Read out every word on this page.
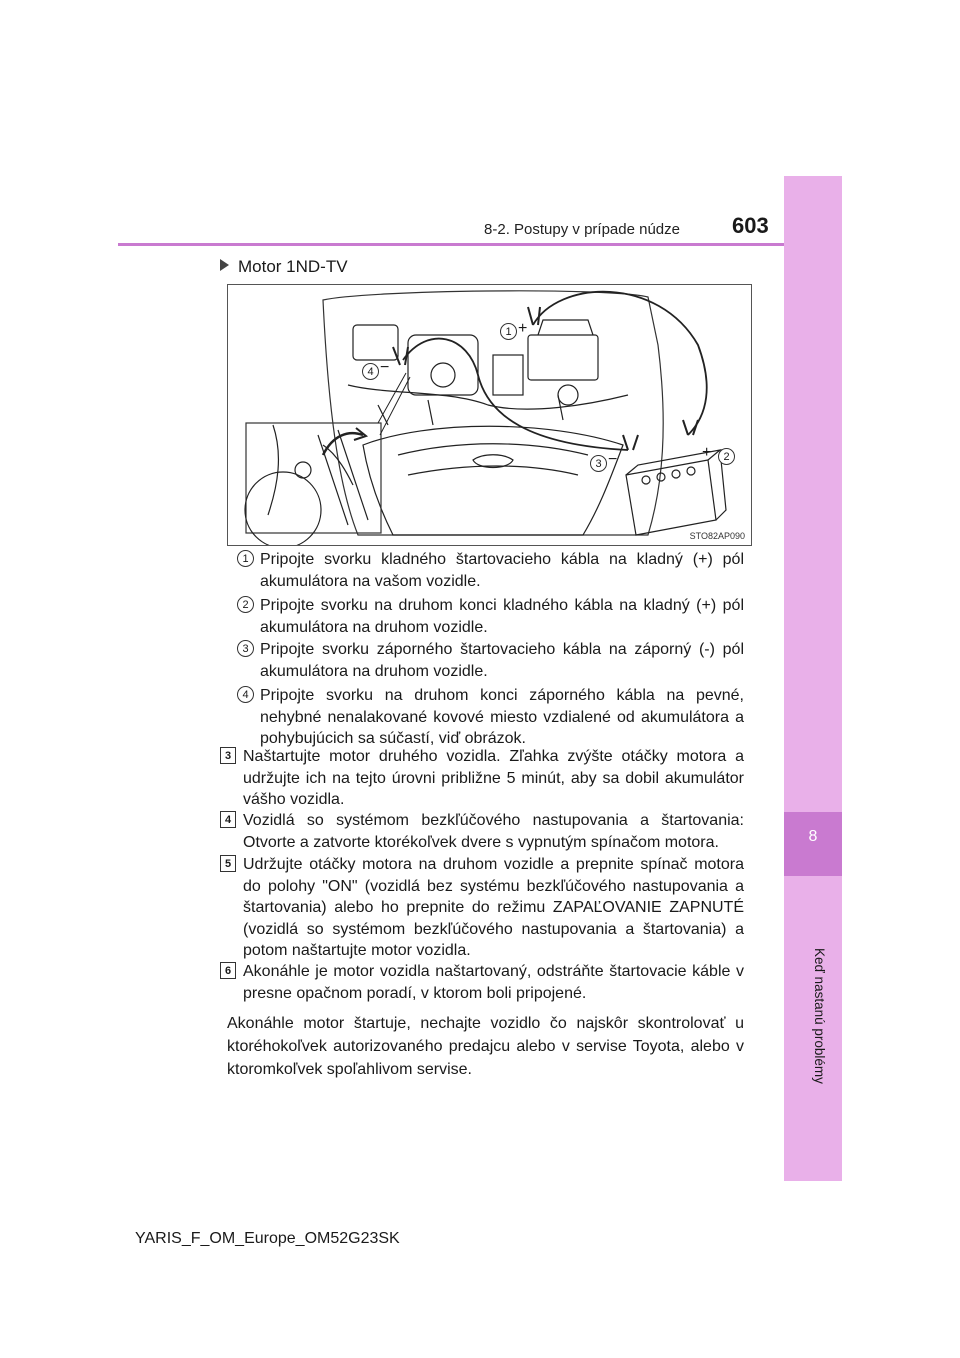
8
Keď nastanú problémy
8-2. Postupy v prípade núdze 603
Motor 1ND-TV
1 +
4 −
2
+
3 −
STO82AP090
1 Pripojte svorku kladného štartovacieho kábla na kladný (+) pól akumulátora na vašom vozidle.
2 Pripojte svorku na druhom konci kladného kábla na kladný (+) pól akumulátora na druhom vozidle.
3 Pripojte svorku záporného štartovacieho kábla na záporný (-) pól akumulátora na druhom vozidle.
4 Pripojte svorku na druhom konci záporného kábla na pevné, nehybné nenalakované kovové miesto vzdialené od akumulátora a pohybujúcich sa súčastí, viď obrázok.
3 Naštartujte motor druhého vozidla. Zľahka zvýšte otáčky motora a udržujte ich na tejto úrovni približne 5 minút, aby sa dobil akumulátor vášho vozidla.
4 Vozidlá so systémom bezkľúčového nastupovania a štartovania: Otvorte a zatvorte ktorékoľvek dvere s vypnutým spínačom motora.
5 Udržujte otáčky motora na druhom vozidle a prepnite spínač motora do polohy "ON" (vozidlá bez systému bezkľúčového nastupovania a štartovania) alebo ho prepnite do režimu ZAPAĽOVANIE ZAPNUTÉ (vozidlá so systémom bezkľúčového nastupovania a štartovania) a potom naštartujte motor vozidla.
6 Akonáhle je motor vozidla naštartovaný, odstráňte štartovacie káble v presne opačnom poradí, v ktorom boli pripojené.
Akonáhle motor štartuje, nechajte vozidlo čo najskôr skontrolovať u ktoréhokoľvek autorizovaného predajcu alebo v servise Toyota, alebo v ktoromkoľvek spoľahlivom servise.
YARIS_F_OM_Europe_OM52G23SK
